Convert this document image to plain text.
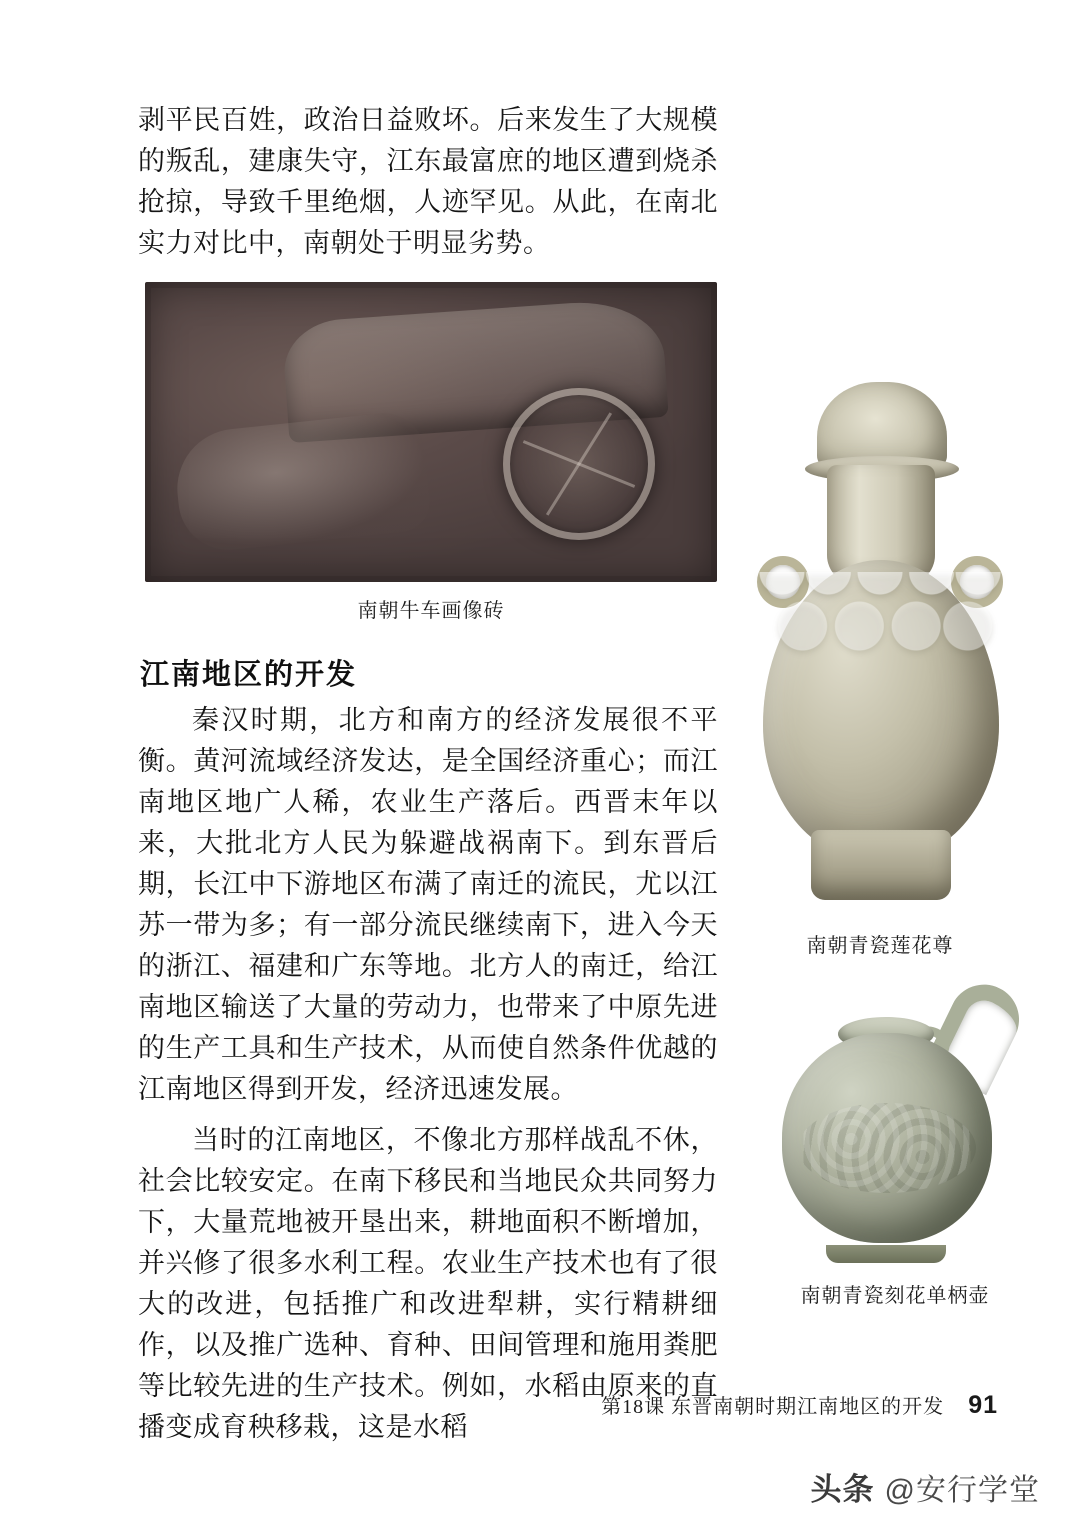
剥平民百姓，政治日益败坏。后来发生了大规模的叛乱，建康失守，江东最富庶的地区遭到烧杀抢掠，导致千里绝烟，人迹罕见。从此，在南北实力对比中，南朝处于明显劣势。

南朝牛车画像砖
江南地区的开发

秦汉时期，北方和南方的经济发展很不平衡。黄河流域经济发达，是全国经济重心；而江南地区地广人稀，农业生产落后。西晋末年以来，大批北方人民为躲避战祸南下。到东晋后期，长江中下游地区布满了南迁的流民，尤以江苏一带为多；有一部分流民继续南下，进入今天的浙江、福建和广东等地。北方人的南迁，给江南地区输送了大量的劳动力，也带来了中原先进的生产工具和生产技术，从而使自然条件优越的江南地区得到开发，经济迅速发展。

当时的江南地区，不像北方那样战乱不休，社会比较安定。在南下移民和当地民众共同努力下，大量荒地被开垦出来，耕地面积不断增加，并兴修了很多水利工程。农业生产技术也有了很大的改进，包括推广和改进犁耕，实行精耕细作，以及推广选种、育种、田间管理和施用粪肥等比较先进的生产技术。例如，水稻由原来的直播变成育秧移栽，这是水稻

南朝青瓷莲花尊
南朝青瓷刻花单柄壶
第18课 东晋南朝时期江南地区的开发 91
头条 @安行学堂
